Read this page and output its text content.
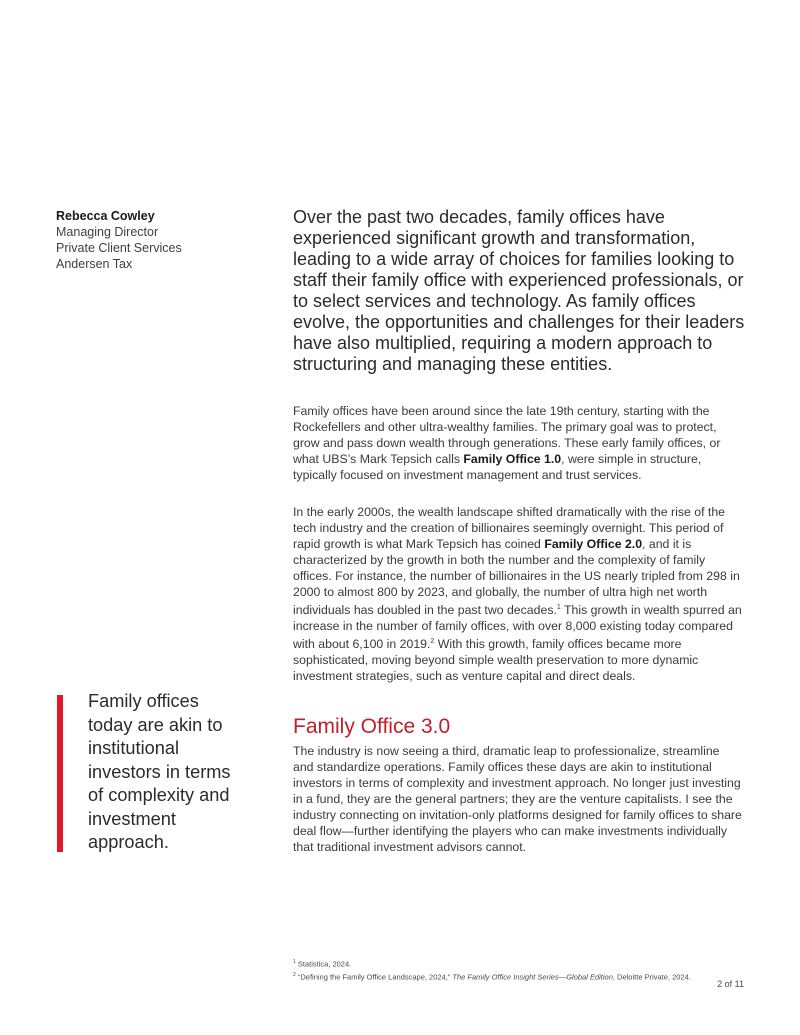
Rebecca Cowley
Managing Director
Private Client Services
Andersen Tax

Over the past two decades, family offices have experienced significant growth and transformation, leading to a wide array of choices for families looking to staff their family office with experienced professionals, or to select services and technology. As family offices evolve, the opportunities and challenges for their leaders have also multiplied, requiring a modern approach to structuring and managing these entities.

Family offices have been around since the late 19th century, starting with the Rockefellers and other ultra-wealthy families. The primary goal was to protect, grow and pass down wealth through generations. These early family offices, or what UBS’s Mark Tepsich calls Family Office 1.0, were simple in structure, typically focused on investment management and trust services.

In the early 2000s, the wealth landscape shifted dramatically with the rise of the tech industry and the creation of billionaires seemingly overnight. This period of rapid growth is what Mark Tepsich has coined Family Office 2.0, and it is characterized by the growth in both the number and the complexity of family offices. For instance, the number of billionaires in the US nearly tripled from 298 in 2000 to almost 800 by 2023, and globally, the number of ultra high net worth individuals has doubled in the past two decades.$^1$ This growth in wealth spurred an increase in the number of family offices, with over 8,000 existing today compared with about 6,100 in 2019.$^2$ With this growth, family offices became more sophisticated, moving beyond simple wealth preservation to more dynamic investment strategies, such as venture capital and direct deals.

Family Office 3.0

The industry is now seeing a third, dramatic leap to professionalize, streamline and standardize operations. Family offices these days are akin to institutional investors in terms of complexity and investment approach. No longer just investing in a fund, they are the general partners; they are the venture capitalists. I see the industry connecting on invitation-only platforms designed for family offices to share deal flow—further identifying the players who can make investments individually that traditional investment advisors cannot.

Family offices today are akin to institutional investors in terms of complexity and investment approach.

$^1$ Statistica, 2024.
$^2$ “Defining the Family Office Landscape, 2024,” The Family Office Insight Series—Global Edition, Deloitte Private, 2024.
2 of 11
